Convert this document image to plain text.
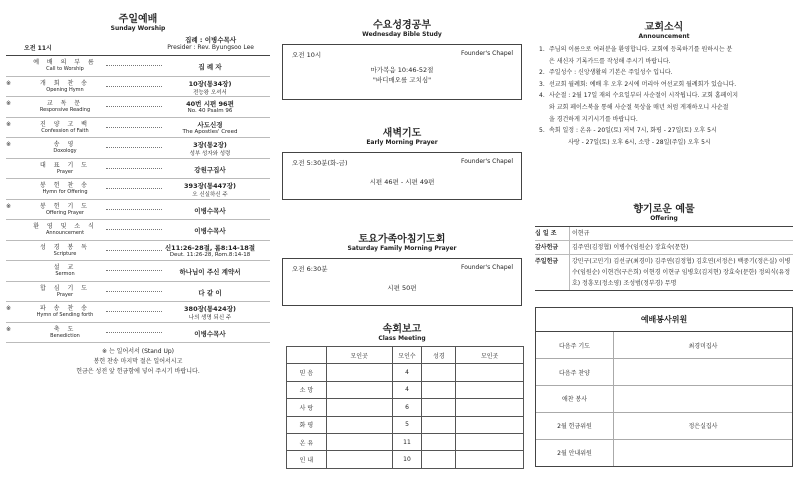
주일예배
Sunday Worship
집례 : 이병수목사
Presider : Rev. Byungsoo Lee
오전 11시
예 배 의 부 름
Call to Worship	집 례 자
※	개 회 찬 송
Opening Hymn
10장(통34장)
전능왕 오셔서
※	교 독 문
Responsive Reading
40번 시편 96편
No. 40 Psalm 96
※	진 양 고 백
Confession of Faith
사도신경
The Apostles' Creed
※	송 영
Doxology
3장(통2장)
성부 성자와 성령
대 표 기 도
Prayer	강원구집사
봉 헌 찬 송
Hymn for Offering
393장(통447장)
오 신실하신 주
※	봉 헌 기 도
Offering Prayer	이병수목사
환 영 및 소 식
Announcement	이병수목사
성 경 봉 독
Scripture
신11:26-28절, 롬8:14-18절
Deut. 11:26-28, Rom.8:14-18
설 교
Sermon	하나님이 주신 계약서
합 심 기 도
Prayer	다 같 이
※	파 송 찬 송
Hymn of Sending forth
380장(통424장)
나의 생명 되신 주
※	축 도
Benediction	이병수목사
※ 는 일어서서 (Stand Up)
봉헌 찬송 마지막 절은 일어서시고
헌금은 성전 앞 헌금함에 넣어 주시기 바랍니다.
수요성경공부
Wednesday Bible Study
오전 10시	Founder's Chapel
마가복음 10:46-52절
"바디매오를 고치심"
새벽기도
Early Morning Prayer
오전 5:30분(화-금)	Founder's Chapel
시편 46편 - 시편 49편
토요가족아침기도회
Saturday Family Morning Prayer
오전 6:30분	Founder's Chapel
시편 50편
속회보고
Class Meeting
	모인곳	모인수	성경	모인곳
믿 음		4		
소 망		4		
사 랑		6		
화 평		5		
온 유		11		
인 내		10		
교회소식
Announcement
1. 주님의 이름으로 여러분을 환영합니다. 교회에 등록하기를 원하시는 분
은 새신자 기록카드를 작성해 주시기 바랍니다.
2. 주일성수 : 신앙생활의 기본은 주일성수 입니다.
3. 선교회 월례회: 예배 후 오후 2시에 머리아 여선교회 월례회가 있습니다.
4. 사순절 : 2월 17일 재의 수요일부터 사순절이 시작됩니다. 교회 홈페이지
와 교회 페이스북을 통해 사순절 묵상을 매년 처럼 게재하오니 사순절
을 경건하게 지키시기를 바랍니다.
5. 속회 일정 : 온유 - 20일(토) 저녁 7시, 화평 - 27일(토) 오후 5시
사랑 - 27일(토) 오후 6시, 소망 - 28일(주일) 오후 5시
향기로운 예물
Offering
십 일 조	이현규
감사헌금	김주연(김정협) 이병수(임원순) 장효숙(문한)
주일헌금	강민구(고민기) 김선규(최경미) 김주연(김정협) 김호연(서정은) 백중기(정은실) 이병수(임원순) 이현건(구은희) 이현경 이현규 임병호(김지현) 장효숙(문한) 정의식(유정호) 정흥모(정소영) 조성범(정부경) 무명
예배봉사위원
다음주 기도	최경미집사
다음주 찬양
애찬 봉사
2월 헌금위원	정은실집사
2월 안내위원
